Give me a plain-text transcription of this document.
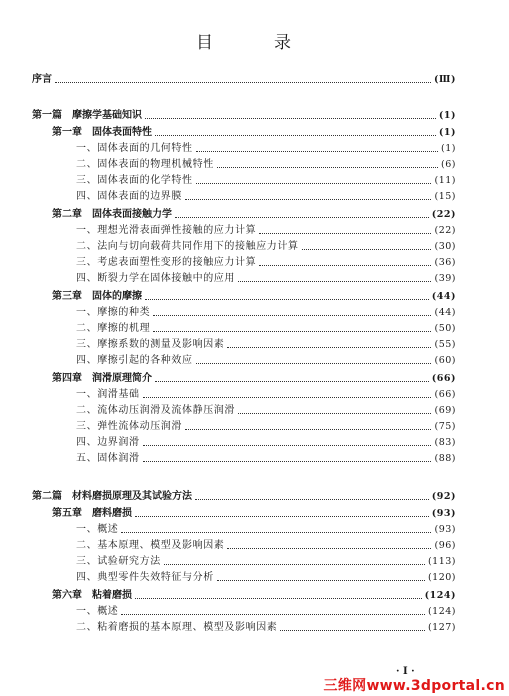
目　录
序言	(Ⅲ)
第一篇　摩擦学基础知识	(1)
第一章　固体表面特性	(1)
一、固体表面的几何特性	(1)
二、固体表面的物理机械特性	(6)
三、固体表面的化学特性	(11)
四、固体表面的边界膜	(15)
第二章　固体表面接触力学	(22)
一、理想光滑表面弹性接触的应力计算	(22)
二、法向与切向载荷共同作用下的接触应力计算	(30)
三、考虑表面塑性变形的接触应力计算	(36)
四、断裂力学在固体接触中的应用	(39)
第三章　固体的摩擦	(44)
一、摩擦的种类	(44)
二、摩擦的机理	(50)
三、摩擦系数的测量及影响因素	(55)
四、摩擦引起的各种效应	(60)
第四章　润滑原理简介	(66)
一、润滑基础	(66)
二、流体动压润滑及流体静压润滑	(69)
三、弹性流体动压润滑	(75)
四、边界润滑	(83)
五、固体润滑	(88)
第二篇　材料磨损原理及其试验方法	(92)
第五章　磨料磨损	(93)
一、概述	(93)
二、基本原理、模型及影响因素	(96)
三、试验研究方法	(113)
四、典型零件失效特征与分析	(120)
第六章　粘着磨损	(124)
一、概述	(124)
二、粘着磨损的基本原理、模型及影响因素	(127)
· Ⅰ ·
三维网www.3dportal.cn
